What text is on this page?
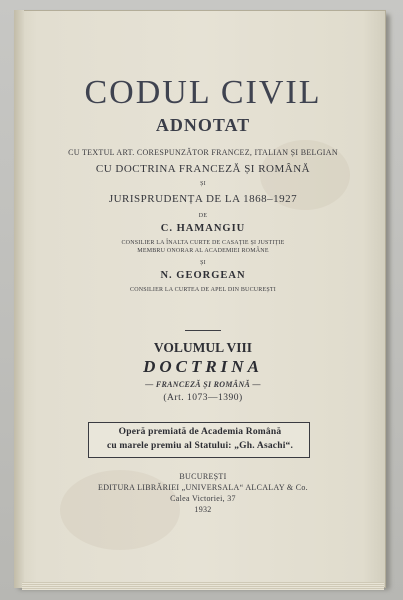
CODUL CIVIL
ADNOTAT
CU TEXTUL ART. CORESPUNZĂTOR FRANCEZ, ITALIAN ȘI BELGIAN
CU DOCTRINA FRANCEZĂ ȘI ROMÂNĂ
ȘI
JURISPRUDENȚA DE LA 1868–1927
DE
C. HAMANGIU
CONSILIER LA ÎNALTA CURTE DE CASAȚIE ȘI JUSTIȚIE
MEMBRU ONORAR AL ACADEMIEI ROMÂNE
ȘI
N. GEORGEAN
CONSILIER LA CURTEA DE APEL DIN BUCUREȘTI
VOLUMUL VIII
DOCTRINA
— FRANCEZĂ ȘI ROMÂNĂ —
(Art. 1073—1390)
Operă premiată de Academia Română
cu marele premiu al Statului: „Gh. Asachi“.
BUCUREȘTI
EDITURA LIBRĂRIEI „UNIVERSALA“ ALCALAY & Co.
Calea Victoriei, 37
1932
